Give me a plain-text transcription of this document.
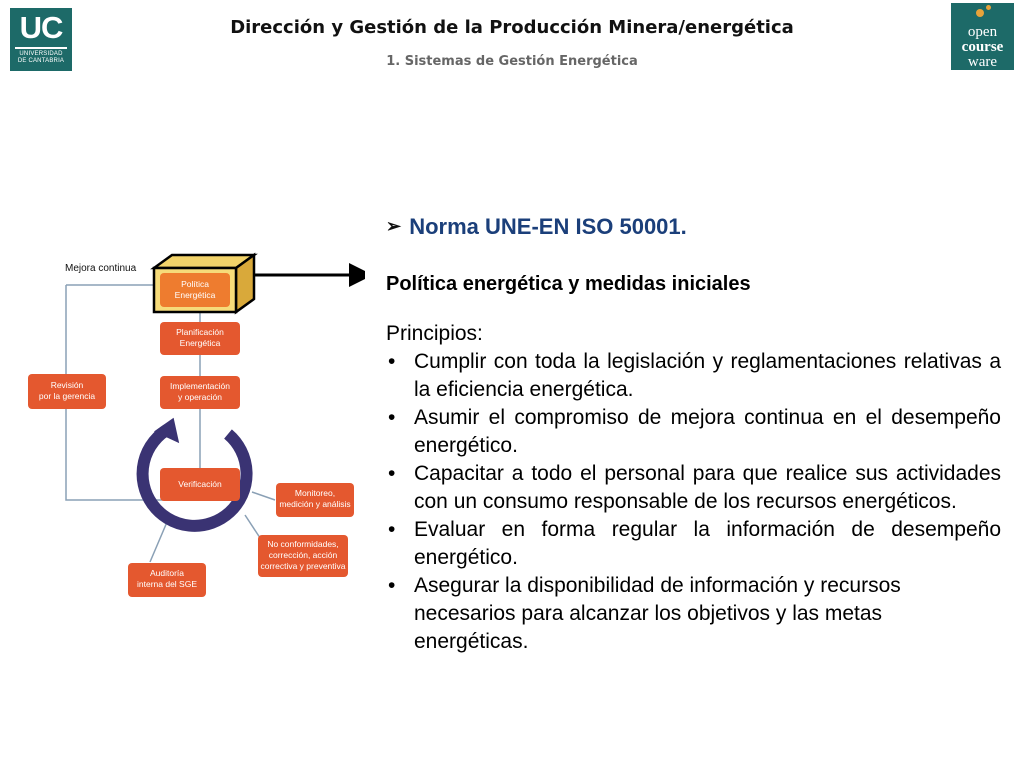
UC
UNIVERSIDAD
DE CANTABRIA
Dirección y Gestión de la Producción Minera/energética
1. Sistemas de Gestión Energética
open
course
ware
Mejora continua
Política
Energética
Planificación
Energética
Implementación
y operación
Revisión
por la gerencia
Verificación
Monitoreo,
medición y análisis
No conformidades,
corrección, acción
correctiva y preventiva
Auditoría
interna del SGE
➢ Norma UNE-EN ISO 50001.
Política energética y medidas iniciales
Principios:
• Cumplir con toda la legislación y reglamentaciones relativas a la eficiencia energética.
• Asumir el compromiso de mejora continua en el desempeño energético.
• Capacitar a todo el personal para que realice sus actividades con un consumo responsable de los recursos energéticos.
• Evaluar en forma regular la información de desempeño energético.
• Asegurar la disponibilidad de información y recursos necesarios para alcanzar los objetivos y las metas energéticas.
